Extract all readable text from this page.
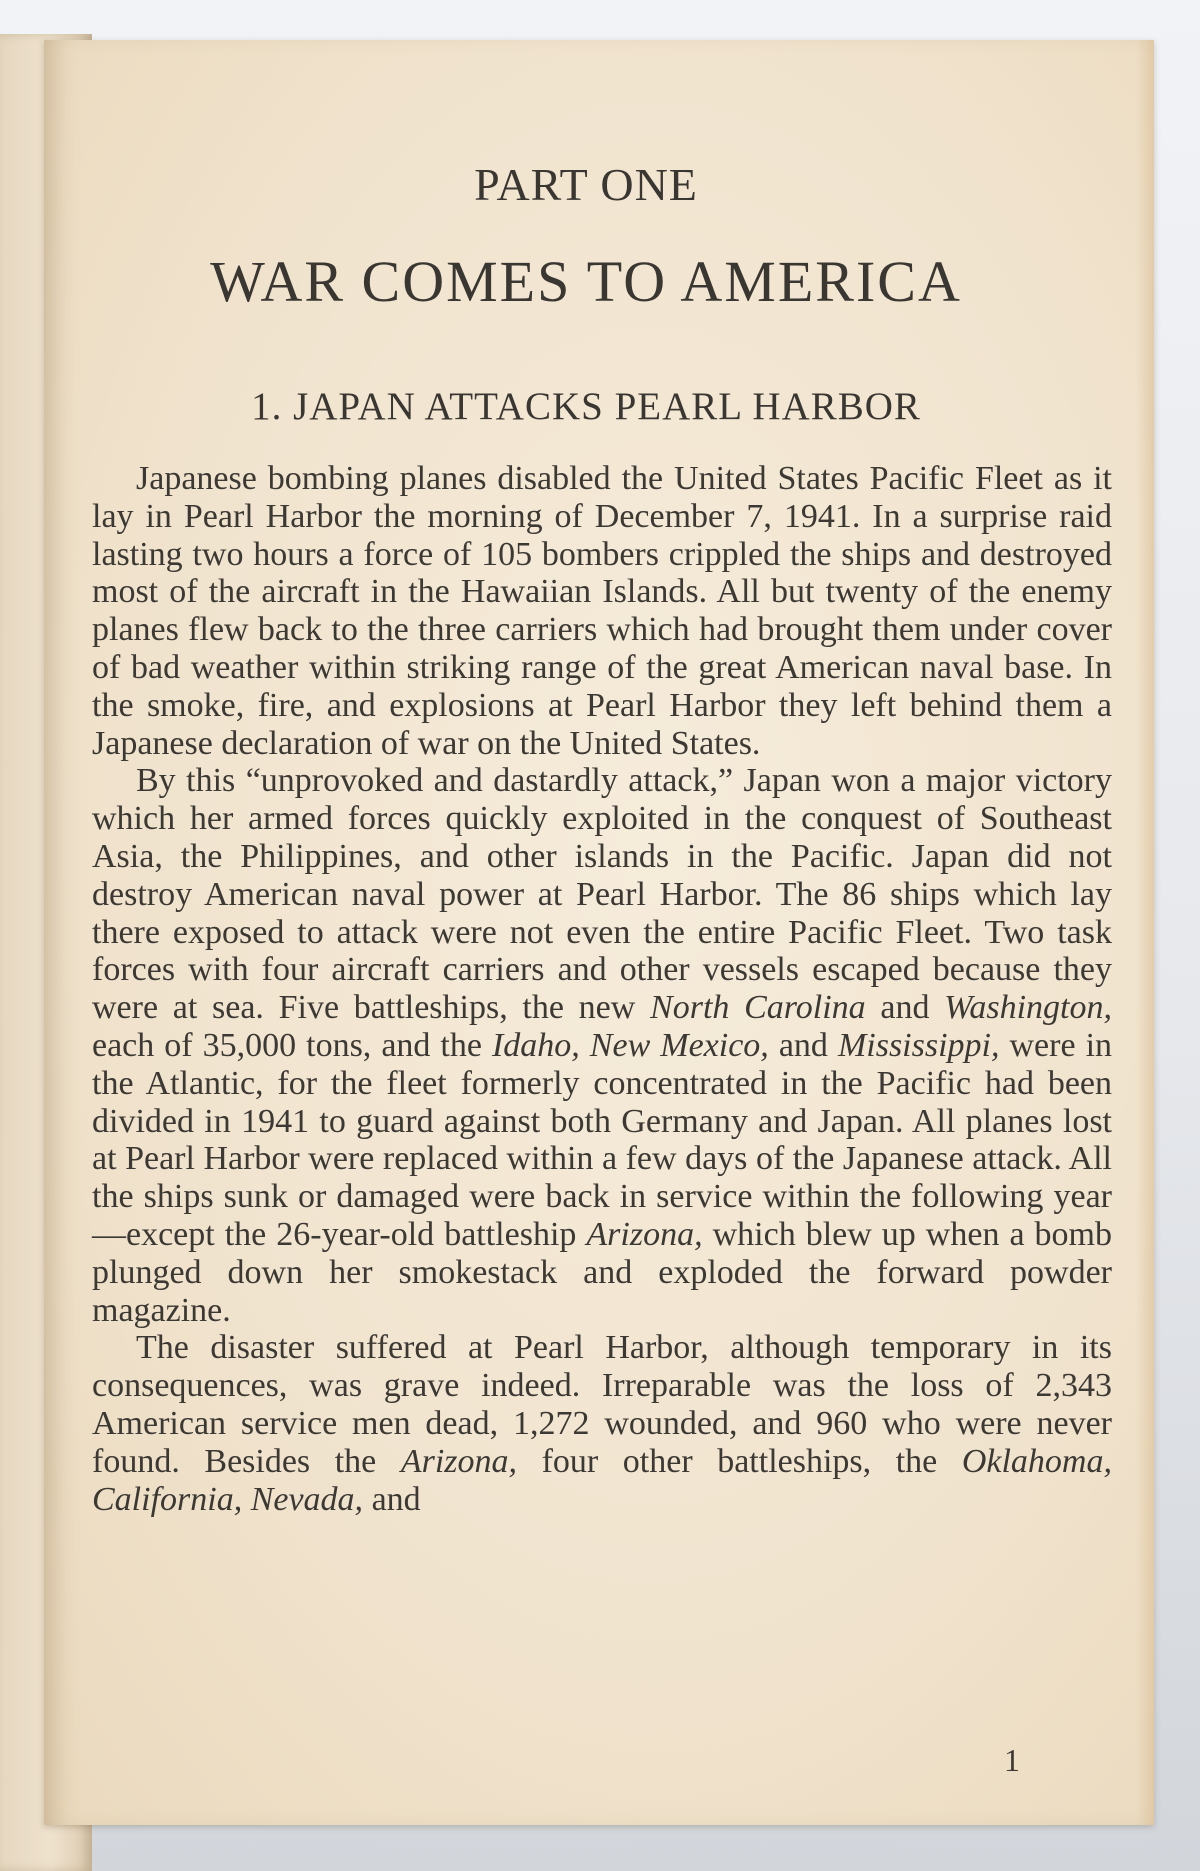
PART ONE
WAR COMES TO AMERICA
1. JAPAN ATTACKS PEARL HARBOR

Japanese bombing planes disabled the United States Pacific Fleet as it lay in Pearl Harbor the morning of December 7, 1941. In a surprise raid lasting two hours a force of 105 bombers crippled the ships and destroyed most of the aircraft in the Hawaiian Islands. All but twenty of the enemy planes flew back to the three carriers which had brought them under cover of bad weather within striking range of the great American naval base. In the smoke, fire, and explosions at Pearl Harbor they left behind them a Japanese declaration of war on the United States.

By this “unprovoked and dastardly attack,” Japan won a major victory which her armed forces quickly exploited in the conquest of Southeast Asia, the Philippines, and other islands in the Pacific. Japan did not destroy American naval power at Pearl Harbor. The 86 ships which lay there exposed to attack were not even the entire Pacific Fleet. Two task forces with four aircraft carriers and other vessels escaped because they were at sea. Five battleships, the new North Carolina and Washington, each of 35,000 tons, and the Idaho, New Mexico, and Mississippi, were in the Atlantic, for the fleet formerly concentrated in the Pacific had been divided in 1941 to guard against both Germany and Japan. All planes lost at Pearl Harbor were replaced within a few days of the Japanese attack. All the ships sunk or damaged were back in service within the following year—except the 26-year-old battleship Arizona, which blew up when a bomb plunged down her smokestack and exploded the forward powder magazine.

The disaster suffered at Pearl Harbor, although temporary in its consequences, was grave indeed. Irreparable was the loss of 2,343 American service men dead, 1,272 wounded, and 960 who were never found. Besides the Arizona, four other battleships, the Oklahoma, California, Nevada, and

1
